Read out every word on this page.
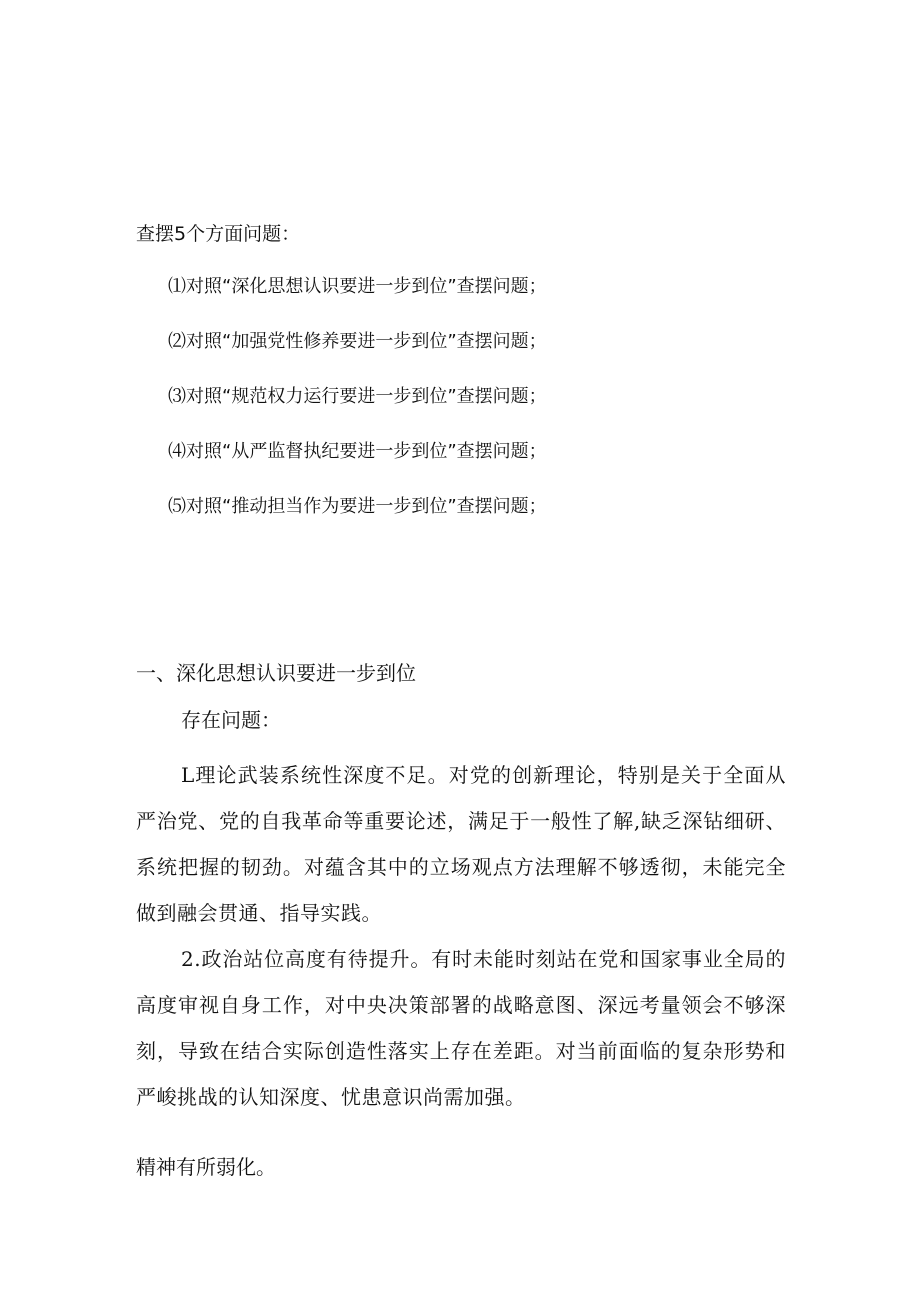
查摆5个方面问题：

⑴对照“深化思想认识要进一步到位”查摆问题；
⑵对照“加强党性修养要进一步到位”查摆问题；
⑶对照“规范权力运行要进一步到位”查摆问题；
⑷对照“从严监督执纪要进一步到位”查摆问题；
⑸对照“推动担当作为要进一步到位”查摆问题；
一、深化思想认识要进一步到位

存在问题：

L理论武装系统性深度不足。对党的创新理论，特别是关于全面从严治党、党的自我革命等重要论述，满足于一般性了解,缺乏深钻细研、系统把握的韧劲。对蕴含其中的立场观点方法理解不够透彻，未能完全做到融会贯通、指导实践。

2.政治站位高度有待提升。有时未能时刻站在党和国家事业全局的高度审视自身工作，对中央决策部署的战略意图、深远考量领会不够深刻，导致在结合实际创造性落实上存在差距。对当前面临的复杂形势和严峻挑战的认知深度、忧患意识尚需加强。

精神有所弱化。
